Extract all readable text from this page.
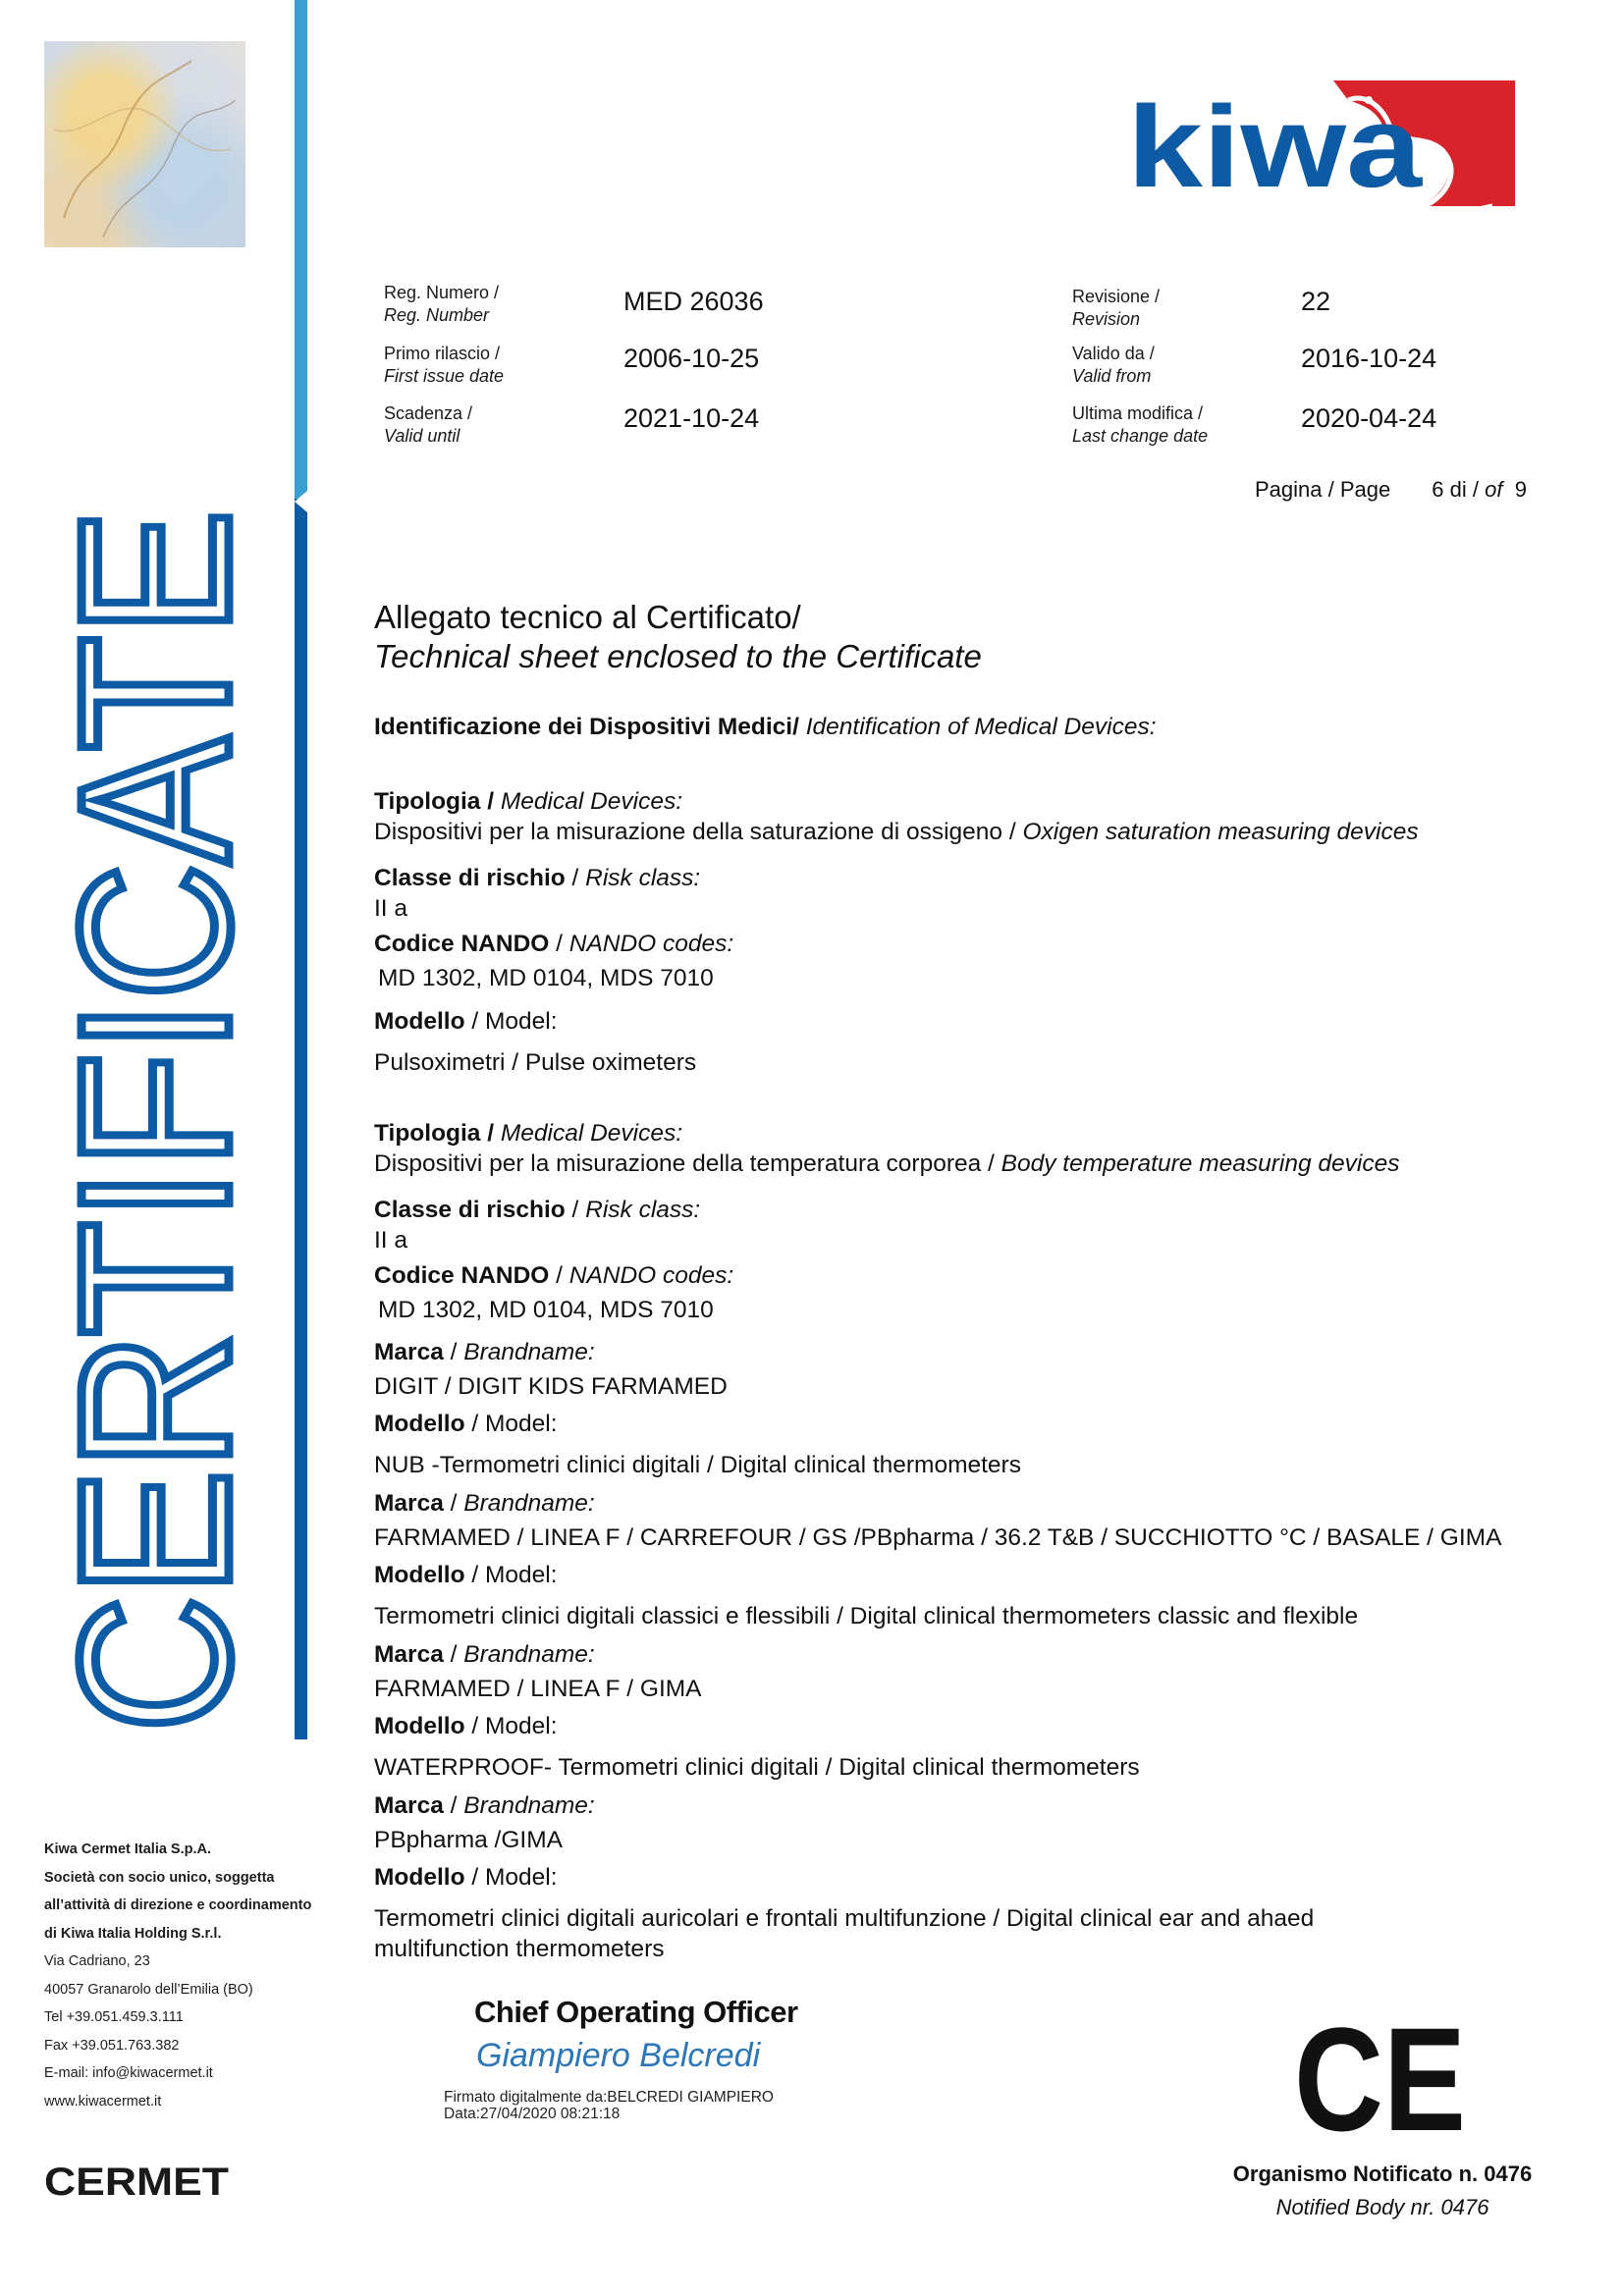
CERTIFICATE
Kiwa Cermet Italia S.p.A.
Società con socio unico, soggetta
all’attività di direzione e coordinamento
di Kiwa Italia Holding S.r.l.
Via Cadriano, 23
40057 Granarolo dell’Emilia (BO)
Tel +39.051.459.3.111
Fax +39.051.763.382
E-mail: info@kiwacermet.it
www.kiwacermet.it
CERMET
kiwa
Reg. Numero /
Reg. Number	MED 26036
Primo rilascio /
First issue date
2006-10-25
Scadenza /
Valid until
2021-10-24
Revisione /
Revision
22
Valido da /
Valid from
2016-10-24
Ultima modifica /
Last change date
2020-04-24
Pagina / Page 6 di / of 9
Allegato tecnico al Certificato/
Technical sheet enclosed to the Certificate
Identificazione dei Dispositivi Medici/ Identification of Medical Devices:
Tipologia / Medical Devices:
Dispositivi per la misurazione della saturazione di ossigeno / Oxigen saturation measuring devices
Classe di rischio / Risk class:
II a
Codice NANDO / NANDO codes:
MD 1302, MD 0104, MDS 7010
Modello / Model:
Pulsoximetri / Pulse oximeters
Tipologia / Medical Devices:
Dispositivi per la misurazione della temperatura corporea / Body temperature measuring devices
Classe di rischio / Risk class:
II a
Codice NANDO / NANDO codes:
MD 1302, MD 0104, MDS 7010
Marca / Brandname:
DIGIT / DIGIT KIDS FARMAMED
Modello / Model:
NUB -Termometri clinici digitali / Digital clinical thermometers
Marca / Brandname:
FARMAMED / LINEA F / CARREFOUR / GS /PBpharma / 36.2 T&B / SUCCHIOTTO °C / BASALE / GIMA
Modello / Model:
Termometri clinici digitali classici e flessibili / Digital clinical thermometers classic and flexible
Marca / Brandname:
FARMAMED / LINEA F / GIMA
Modello / Model:
WATERPROOF- Termometri clinici digitali / Digital clinical thermometers
Marca / Brandname:
PBpharma /GIMA
Modello / Model:
Termometri clinici digitali auricolari e frontali multifunzione / Digital clinical ear and ahaed
multifunction thermometers
Chief Operating Officer
Giampiero Belcredi
Firmato digitalmente da:BELCREDI GIAMPIERO
Data:27/04/2020 08:21:18	CE
Organismo Notificato n. 0476
Notified Body nr. 0476
